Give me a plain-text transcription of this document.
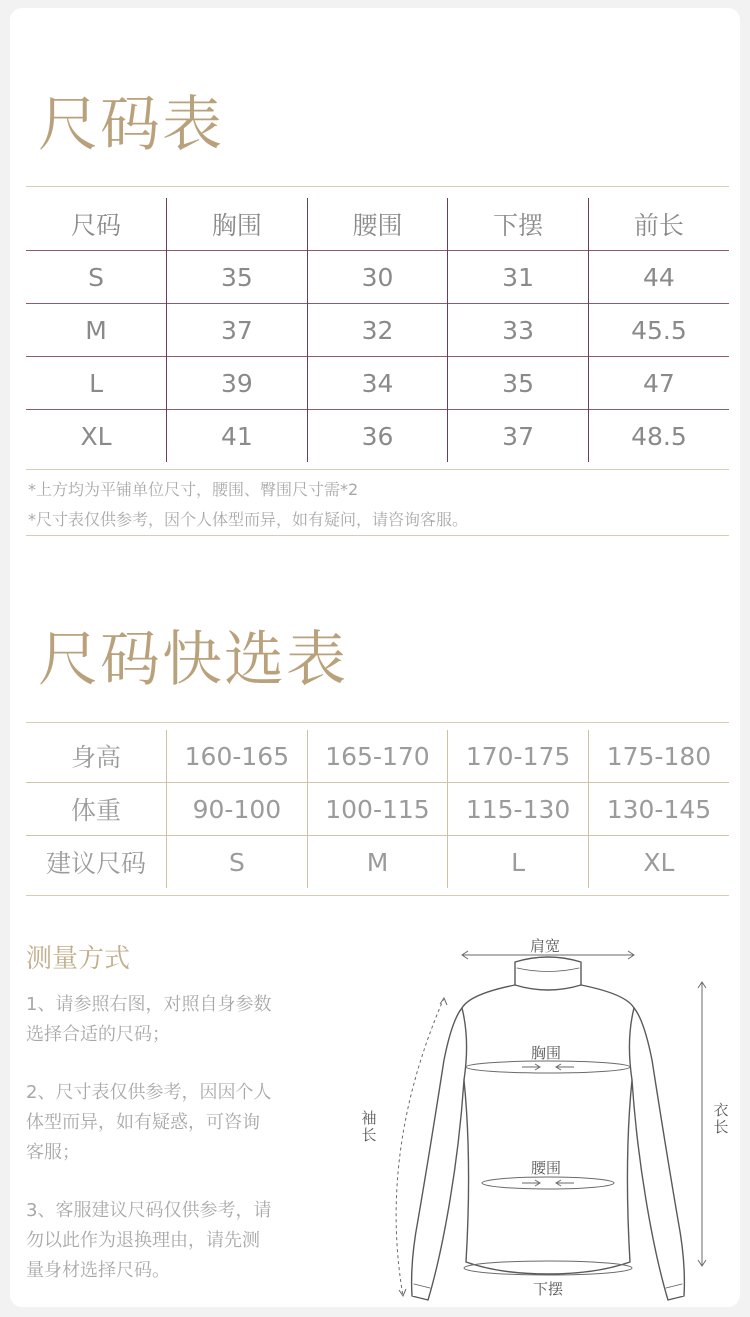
尺码表
尺码	胸围	腰围	下摆	前长
S	35	30	31	44
M	37	32	33	45.5
L	39	34	35	47
XL	41	36	37	48.5
*上方均为平铺单位尺寸，腰围、臀围尺寸需*2
*尺寸表仅供参考，因个人体型而异，如有疑问，请咨询客服。
尺码快选表
身高	160-165	165-170	170-175	175-180
体重	90-100	100-115	115-130	130-145
建议尺码	S	M	L	XL
测量方式
1、请参照右图，对照自身参数选择合适的尺码；
2、尺寸表仅供参考，因因个人体型而异，如有疑惑，可咨询客服；
3、客服建议尺码仅供参考，请勿以此作为退换理由，请先测量身材选择尺码。
肩宽
胸围
腰围
下摆
袖长
衣长
